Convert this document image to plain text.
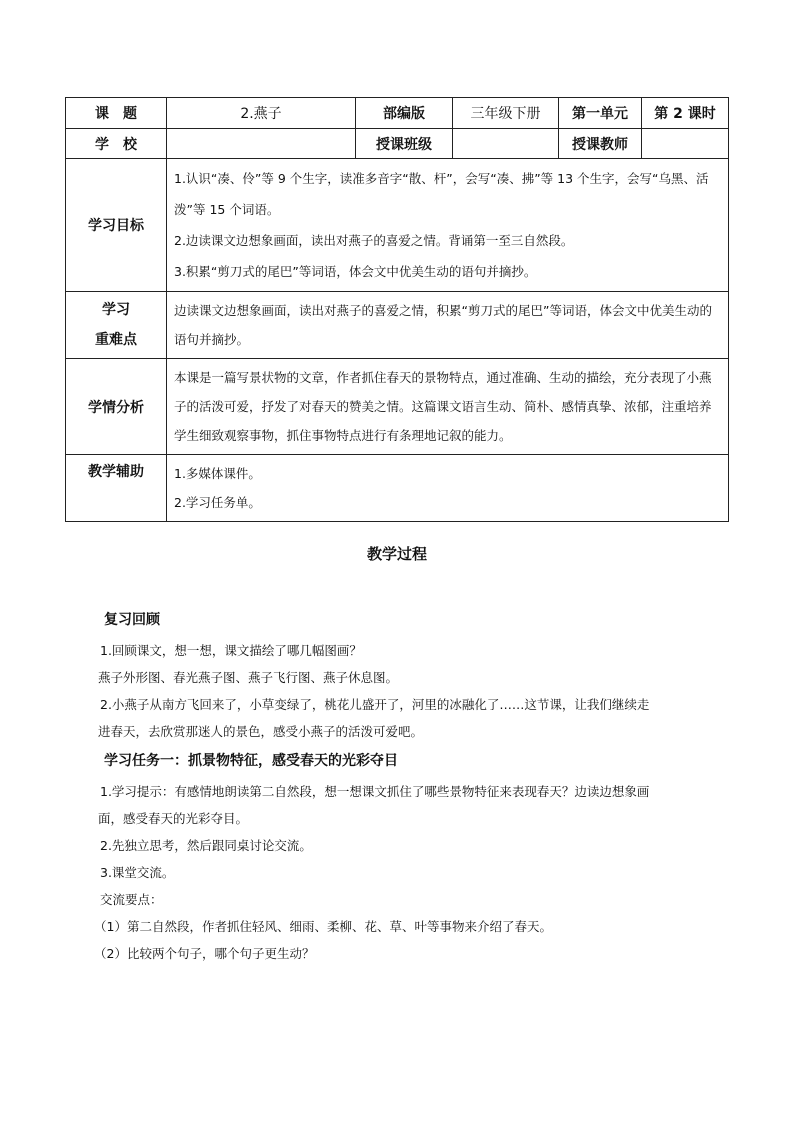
课　题	2.燕子	部编版	三年级下册	第一单元	第 2 课时
学　校		授课班级		授课教师	
学习目标	1.认识“凑、伶”等 9 个生字，读准多音字“散、杆”，会写“凑、拂”等 13 个生字，会写“乌黑、活泼”等 15 个词语。

2.边读课文边想象画面，读出对燕子的喜爱之情。背诵第一至三自然段。

3.积累“剪刀式的尾巴”等词语，体会文中优美生动的语句并摘抄。				

学习
重难点	边读课文边想象画面，读出对燕子的喜爱之情，积累“剪刀式的尾巴”等词语，体会文中优美生动的语句并摘抄。				

学情分析	本课是一篇写景状物的文章，作者抓住春天的景物特点，通过准确、生动的描绘，充分表现了小燕子的活泼可爱，抒发了对春天的赞美之情。这篇课文语言生动、简朴、感情真挚、浓郁，注重培养学生细致观察事物，抓住事物特点进行有条理地记叙的能力。				

教学辅助	1.多媒体课件。

2.学习任务单。				

教学过程

复习回顾

1.回顾课文，想一想，课文描绘了哪几幅图画？

燕子外形图、春光燕子图、燕子飞行图、燕子休息图。

2.小燕子从南方飞回来了，小草变绿了，桃花儿盛开了，河里的冰融化了……这节课，让我们继续走

进春天，去欣赏那迷人的景色，感受小燕子的活泼可爱吧。

学习任务一：抓景物特征，感受春天的光彩夺目

1.学习提示：有感情地朗读第二自然段，想一想课文抓住了哪些景物特征来表现春天？边读边想象画

面，感受春天的光彩夺目。

2.先独立思考，然后跟同桌讨论交流。

3.课堂交流。

交流要点：

（1）第二自然段，作者抓住轻风、细雨、柔柳、花、草、叶等事物来介绍了春天。

（2）比较两个句子，哪个句子更生动？
